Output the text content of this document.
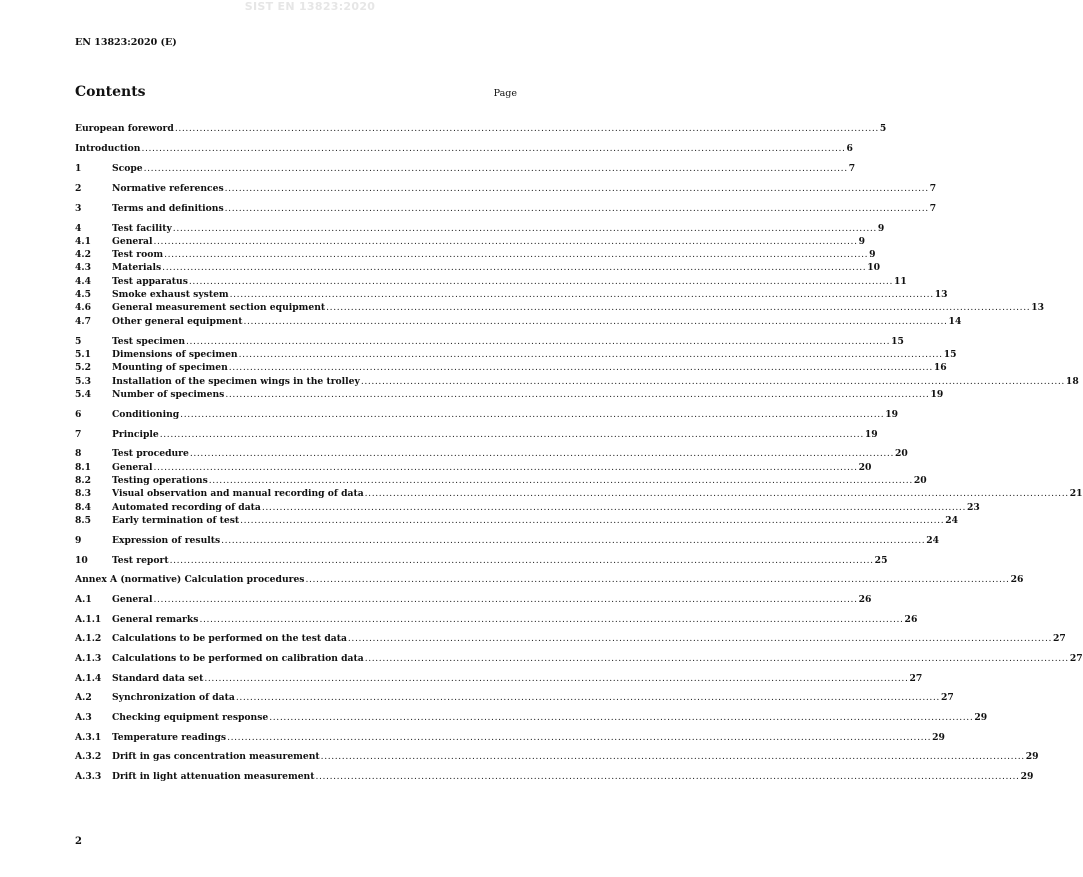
SIST EN 13823:2020
EN 13823:2020 (E)
Contents	Page
European foreword ........................................................................................................................................................................................................ 5
Introduction ........................................................................................................................................................................................................ 6
1	Scope ........................................................................................................................................................................................................ 7
2	Normative references ........................................................................................................................................................................................................ 7
3	Terms and definitions ........................................................................................................................................................................................................ 7
4	Test facility ........................................................................................................................................................................................................ 9
4.1	General ........................................................................................................................................................................................................ 9
4.2	Test room ........................................................................................................................................................................................................ 9
4.3	Materials ........................................................................................................................................................................................................ 10
4.4	Test apparatus ........................................................................................................................................................................................................ 11
4.5	Smoke exhaust system ........................................................................................................................................................................................................ 13
4.6	General measurement section equipment ........................................................................................................................................................................................................ 13
4.7	Other general equipment ........................................................................................................................................................................................................ 14
5	Test specimen ........................................................................................................................................................................................................ 15
5.1	Dimensions of specimen ........................................................................................................................................................................................................ 15
5.2	Mounting of specimen ........................................................................................................................................................................................................ 16
5.3	Installation of the specimen wings in the trolley ........................................................................................................................................................................................................ 18
5.4	Number of specimens ........................................................................................................................................................................................................ 19
6	Conditioning ........................................................................................................................................................................................................ 19
7	Principle ........................................................................................................................................................................................................ 19
8	Test procedure ........................................................................................................................................................................................................ 20
8.1	General ........................................................................................................................................................................................................ 20
8.2	Testing operations ........................................................................................................................................................................................................ 20
8.3	Visual observation and manual recording of data ........................................................................................................................................................................................................ 21
8.4	Automated recording of data ........................................................................................................................................................................................................ 23
8.5	Early termination of test ........................................................................................................................................................................................................ 24
9	Expression of results ........................................................................................................................................................................................................ 24
10	Test report ........................................................................................................................................................................................................ 25
Annex A (normative) Calculation procedures ........................................................................................................................................................................................................ 26
A.1	General ........................................................................................................................................................................................................ 26
A.1.1	General remarks ........................................................................................................................................................................................................ 26
A.1.2	Calculations to be performed on the test data ........................................................................................................................................................................................................ 27
A.1.3	Calculations to be performed on calibration data ........................................................................................................................................................................................................ 27
A.1.4	Standard data set ........................................................................................................................................................................................................ 27
A.2	Synchronization of data ........................................................................................................................................................................................................ 27
A.3	Checking equipment response ........................................................................................................................................................................................................ 29
A.3.1	Temperature readings ........................................................................................................................................................................................................ 29
A.3.2	Drift in gas concentration measurement ........................................................................................................................................................................................................ 29
A.3.3	Drift in light attenuation measurement ........................................................................................................................................................................................................ 29
2
